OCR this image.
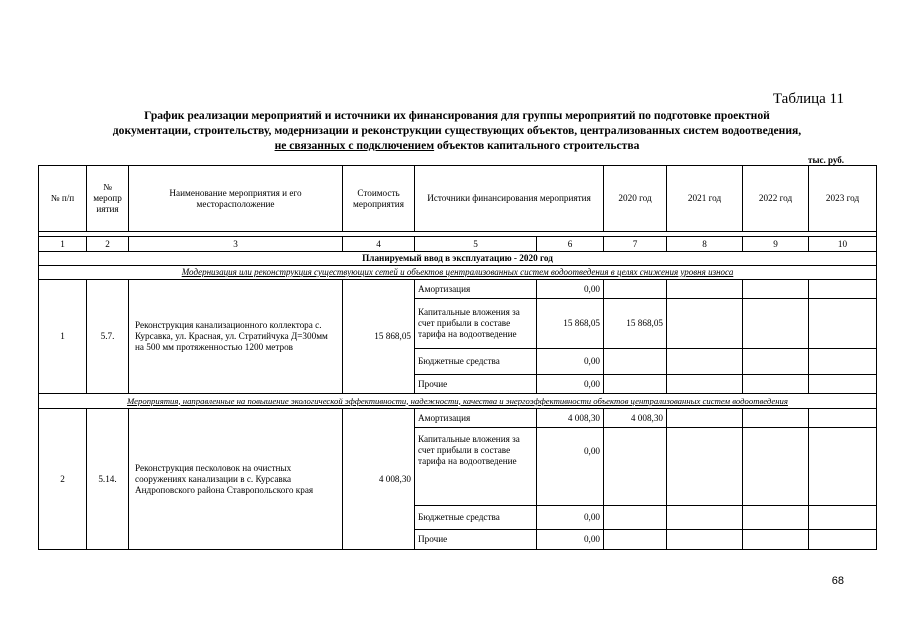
Таблица 11
График реализации мероприятий и источники их финансирования для группы мероприятий по подготовке проектной
документации, строительству, модернизации и реконструкции существующих объектов, централизованных систем водоотведения,
не связанных с подключением объектов капитального строительства
тыс. руб.
№ п/п	№ меропр иятия	Наименование мероприятия и его месторасположение	Стоимость мероприятия	Источники финансирования мероприятия		2020 год	2021 год	2022 год	2023 год

1	2	3	4	5	6	7	8	9	10
Планируемый ввод в эксплуатацию - 2020 год									
Модернизация или реконструкция существующих сетей и объектов централизованных систем водоотведения в целях снижения уровня износа									
1	5.7.	Реконструкция канализационного коллектора с. Курсавка, ул. Красная, ул. Стратийчука Д=300мм на 500 мм протяженностью 1200 метров	15 868,05	Амортизация	0,00				
				Капитальные вложения за счет прибыли в составе тарифа на водоотведение	15 868,05	15 868,05			
				Бюджетные средства	0,00				
				Прочие	0,00				
Мероприятия, направленные на повышение экологической эффективности, надежности, качества и энергоэффективности объектов централизованных систем водоотведения									
2	5.14.	Реконструкция песколовок на очистных сооружениях канализации в с. Курсавка Андроповского района Ставропольского края	4 008,30	Амортизация	4 008,30	4 008,30			
				Капитальные вложения за счет прибыли в составе тарифа на водоотведение	0,00				
				Бюджетные средства	0,00				
				Прочие	0,00				
68
